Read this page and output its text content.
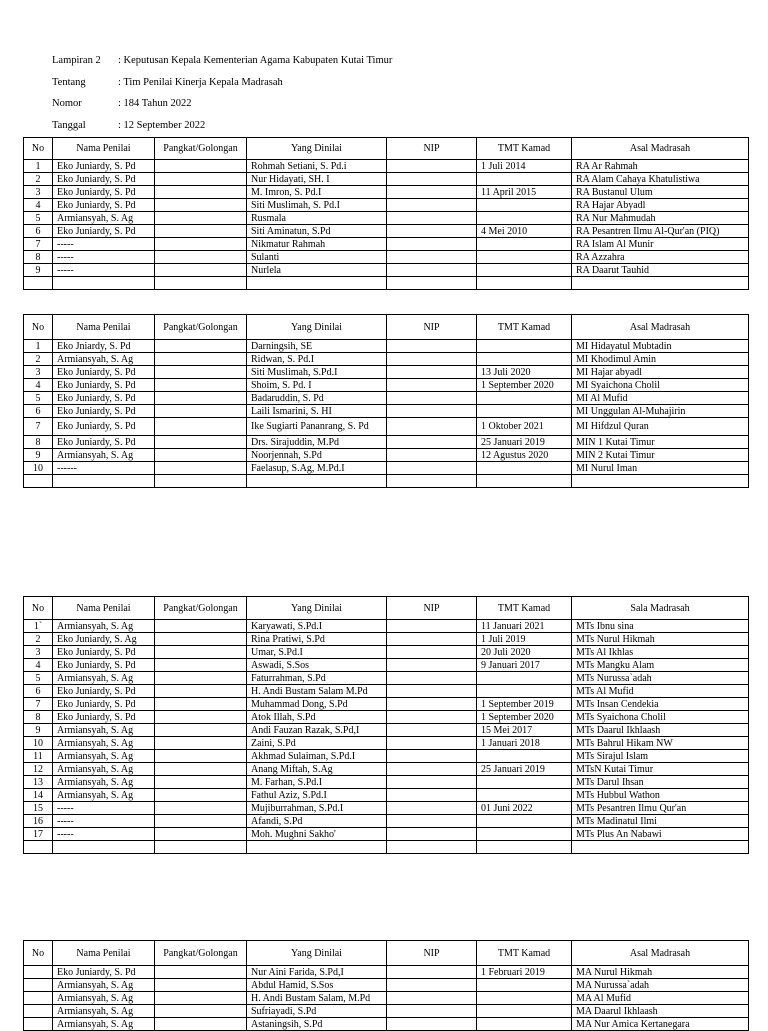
Lampiran 2	: Keputusan Kepala Kementerian Agama Kabupaten Kutai Timur
Tentang	: Tim Penilai Kinerja Kepala Madrasah
Nomor	: 184 Tahun 2022
Tanggal	: 12 September 2022
No	Nama Penilai	Pangkat/Golongan	Yang Dinilai	NIP	TMT Kamad	Asal Madrasah
1	Eko Juniardy, S. Pd		Rohmah Setiani, S. Pd.i		1 Juli 2014	RA Ar Rahmah
2	Eko Juniardy, S. Pd		Nur Hidayati, SH. I			RA Alam Cahaya Khatulistiwa
3	Eko Juniardy, S. Pd		M. Imron, S. Pd.I		11 April 2015	RA Bustanul Ulum
4	Eko Juniardy, S. Pd		Siti Muslimah, S. Pd.I			RA Hajar Abyadl
5	Armiansyah, S. Ag		Rusmala			RA Nur Mahmudah
6	Eko Juniardy, S. Pd		Siti Aminatun, S.Pd		4 Mei 2010	RA Pesantren Ilmu Al-Qur'an (PIQ)
7	-----		Nikmatur Rahmah			RA Islam Al Munir
8	-----		Sulanti			RA Azzahra
9	-----		Nurlela			RA Daarut Tauhid

No	Nama Penilai	Pangkat/Golongan	Yang Dinilai	NIP	TMT Kamad	Asal Madrasah
1	Eko Jniardy, S. Pd		Darningsih, SE			MI Hidayatul Mubtadin
2	Armiansyah, S. Ag		Ridwan, S. Pd.I			MI Khodimul Amin
3	Eko Juniardy, S. Pd		Siti Muslimah, S.Pd.I		13 Juli 2020	MI Hajar abyadl
4	Eko Juniardy, S. Pd		Shoim, S. Pd. I		1 September 2020	MI Syaichona Cholil
5	Eko Juniardy, S. Pd		Badaruddin, S. Pd			MI Al Mufid
6	Eko Juniardy, S. Pd		Laili Ismarini, S. HI			MI Unggulan Al-Muhajirin
7	Eko Juniardy, S. Pd		Ike Sugiarti Pananrang, S. Pd		1 Oktober 2021	MI Hifdzul Quran
8	Eko Juniardy, S. Pd		Drs. Sirajuddin, M.Pd		25 Januari 2019	MIN 1 Kutai Timur
9	Armiansyah, S. Ag		Noorjennah, S.Pd		12 Agustus 2020	MIN 2 Kutai Timur
10	------		Faelasup, S.Ag, M.Pd.I			MI Nurul Iman

No	Nama Penilai	Pangkat/Golongan	Yang Dinilai	NIP	TMT Kamad	Sala Madrasah
1`	Armiansyah, S. Ag		Karyawati, S.Pd.I		11 Januari 2021	MTs Ibnu sina
2	Eko Juniardy, S. Ag		Rina Pratiwi, S.Pd		1 Juli 2019	MTs Nurul Hikmah
3	Eko Juniardy, S. Pd		Umar, S.Pd.I		20 Juli 2020	MTs Al Ikhlas
4	Eko Juniardy, S. Pd		Aswadi, S.Sos		9 Januari 2017	MTs Mangku Alam
5	Armiansyah, S. Ag		Faturrahman, S.Pd			MTs Nurussa`adah
6	Eko Juniardy, S. Pd		H. Andi Bustam Salam M.Pd			MTs Al Mufid
7	Eko Juniardy, S. Pd		Muhammad Dong, S.Pd		1 September 2019	MTs Insan Cendekia
8	Eko Juniardy, S. Pd		Atok Illah, S.Pd		1 September 2020	MTs Syaichona Cholil
9	Armiansyah, S. Ag		Andi Fauzan Razak, S.Pd,I		15 Mei 2017	MTs Daarul Ikhlaash
10	Armiansyah, S. Ag		Zaini, S.Pd		1 Januari 2018	MTs Bahrul Hikam NW
11	Armiansyah, S. Ag		Akhmad Sulaiman, S.Pd.I			MTs Sirajul Islam
12	Armiansyah, S. Ag		Anang Miftah, S.Ag		25 Januari 2019	MTsN Kutai Timur
13	Armiansyah, S. Ag		M. Farhan, S.Pd.I			MTs Darul Ihsan
14	Armiansyah, S. Ag		Fathul Aziz, S.Pd.I			MTs Hubbul Wathon
15	-----		Mujiburrahman, S.Pd.I		01 Juni 2022	MTs Pesantren Ilmu Qur'an
16	-----		Afandi, S.Pd			MTs Madinatul Ilmi
17	-----		Moh. Mughni Sakho'			MTs Plus An Nabawi

No	Nama Penilai	Pangkat/Golongan	Yang Dinilai	NIP	TMT Kamad	Asal Madrasah
	Eko Juniardy, S. Pd		Nur Aini Farida, S.Pd,I		1 Februari 2019	MA Nurul Hikmah
	Armiansyah, S. Ag		Abdul Hamid, S.Sos			MA Nurussa`adah
	Armiansyah, S. Ag		H. Andi Bustam Salam, M.Pd			MA Al Mufid
	Armiansyah, S. Ag		Sufriayadi, S.Pd			MA Daarul Ikhlaash
	Armiansyah, S. Ag		Astaningsih, S.Pd			MA Nur Amica Kertanegara
